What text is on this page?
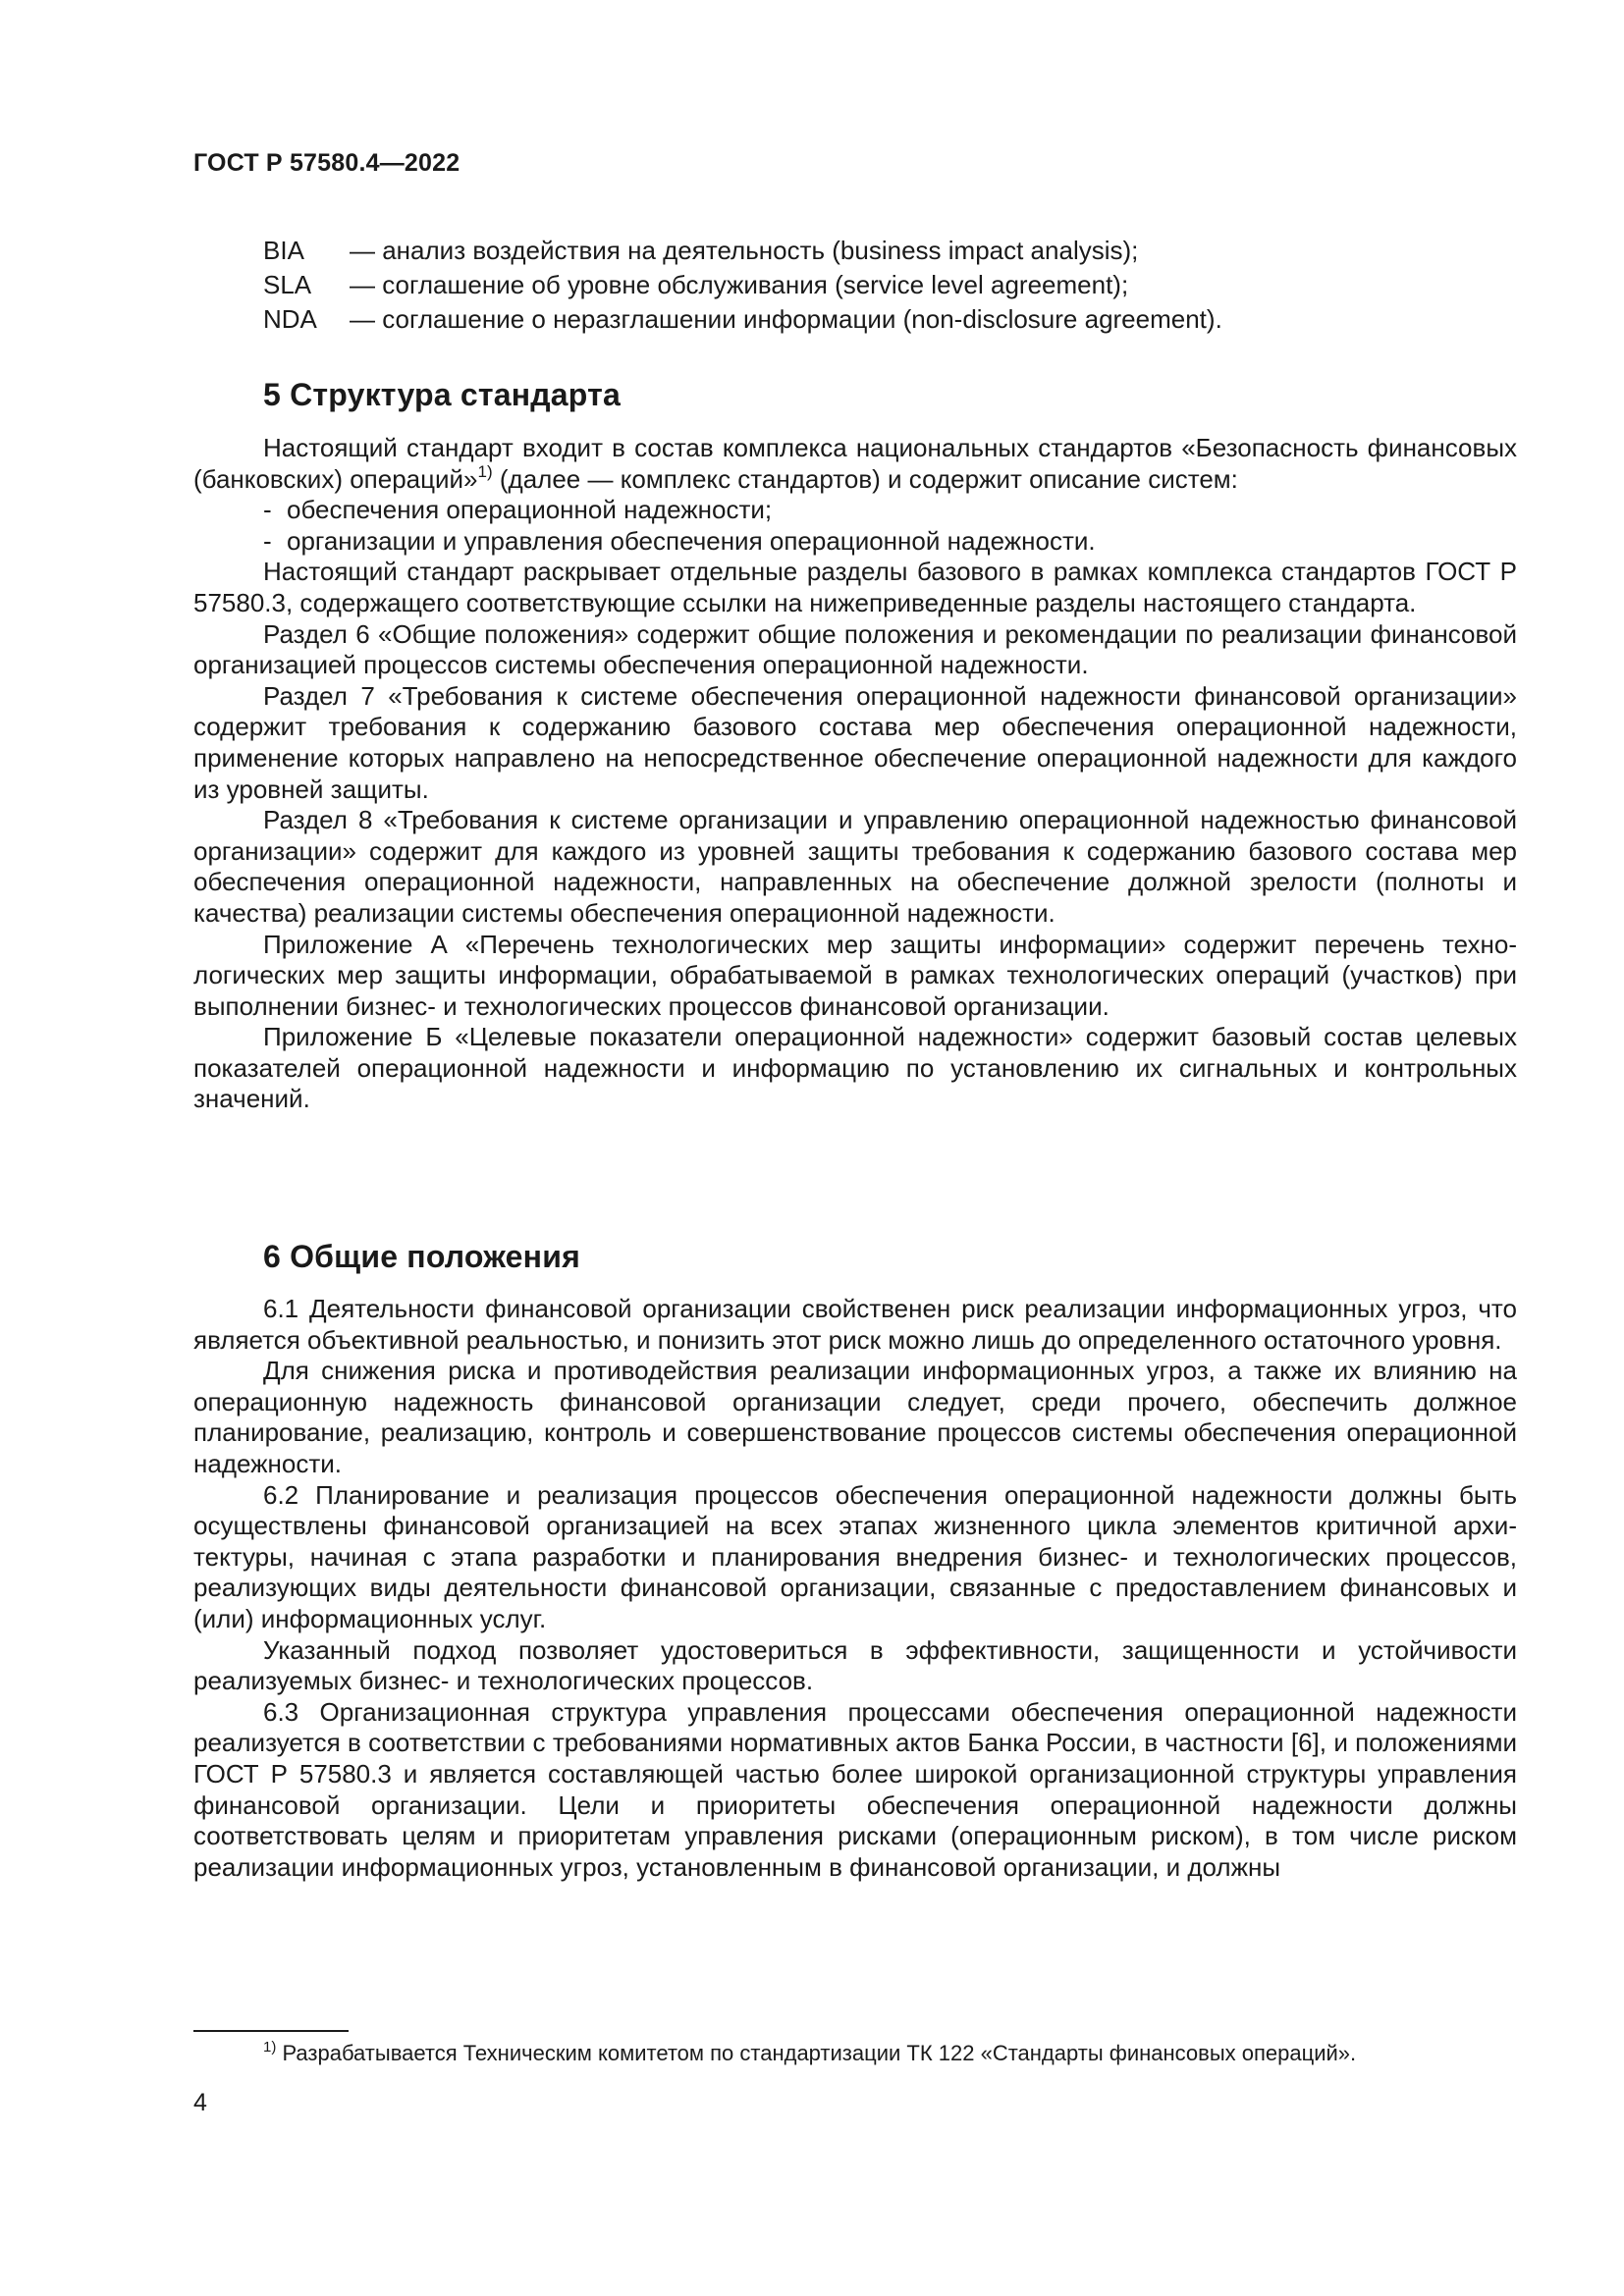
ГОСТ Р 57580.4—2022
BIA	— анализ воздействия на деятельность (business impact analysis);
SLA	— соглашение об уровне обслуживания (service level agreement);
NDA	— соглашение о неразглашении информации (non-disclosure agreement).
5 Структура стандарта

Настоящий стандарт входит в состав комплекса национальных стандартов «Безопасность финансовых (банковских) операций»$^{1)}$ (далее — комплекс стандартов) и содержит описание систем:

- обеспечения операционной надежности;
- организации и управления обеспечения операционной надежности.

Настоящий стандарт раскрывает отдельные разделы базового в рамках комплекса стандартов ГОСТ Р 57580.3, содержащего соответствующие ссылки на нижеприведенные разделы настоящего стандарта.

Раздел 6 «Общие положения» содержит общие положения и рекомендации по реализации финансовой организацией процессов системы обеспечения операционной надежности.

Раздел 7 «Требования к системе обеспечения операционной надежности финансовой организации» содержит требования к содержанию базового состава мер обеспечения операционной надежности, применение которых направлено на непосредственное обеспечение операционной надежности для каждого из уровней защиты.

Раздел 8 «Требования к системе организации и управлению операционной надежностью финансовой организации» содержит для каждого из уровней защиты требования к содержанию базового состава мер обеспечения операционной надежности, направленных на обеспечение должной зрелости (полноты и качества) реализации системы обеспечения операционной надежности.

Приложение А «Перечень технологических мер защиты информации» содержит перечень технологических мер защиты информации, обрабатываемой в рамках технологических операций (участков) при выполнении бизнес- и технологических процессов финансовой организации.

Приложение Б «Целевые показатели операционной надежности» содержит базовый состав целевых показателей операционной надежности и информацию по установлению их сигнальных и контрольных значений.

6 Общие положения

6.1 Деятельности финансовой организации свойственен риск реализации информационных угроз, что является объективной реальностью, и понизить этот риск можно лишь до определенного остаточного уровня.

Для снижения риска и противодействия реализации информационных угроз, а также их влиянию на операционную надежность финансовой организации следует, среди прочего, обеспечить должное планирование, реализацию, контроль и совершенствование процессов системы обеспечения операционной надежности.

6.2 Планирование и реализация процессов обеспечения операционной надежности должны быть осуществлены финансовой организацией на всех этапах жизненного цикла элементов критичной архитектуры, начиная с этапа разработки и планирования внедрения бизнес- и технологических процессов, реализующих виды деятельности финансовой организации, связанные с предоставлением финансовых и (или) информационных услуг.

Указанный подход позволяет удостовериться в эффективности, защищенности и устойчивости реализуемых бизнес- и технологических процессов.

6.3 Организационная структура управления процессами обеспечения операционной надежности реализуется в соответствии с требованиями нормативных актов Банка России, в частности [6], и положениями ГОСТ Р 57580.3 и является составляющей частью более широкой организационной структуры управления финансовой организации. Цели и приоритеты обеспечения операционной надежности должны соответствовать целям и приоритетам управления рисками (операционным риском), в том числе риском реализации информационных угроз, установленным в финансовой организации, и должны

$^{1)}$ Разрабатывается Техническим комитетом по стандартизации ТК 122 «Стандарты финансовых операций».
4
